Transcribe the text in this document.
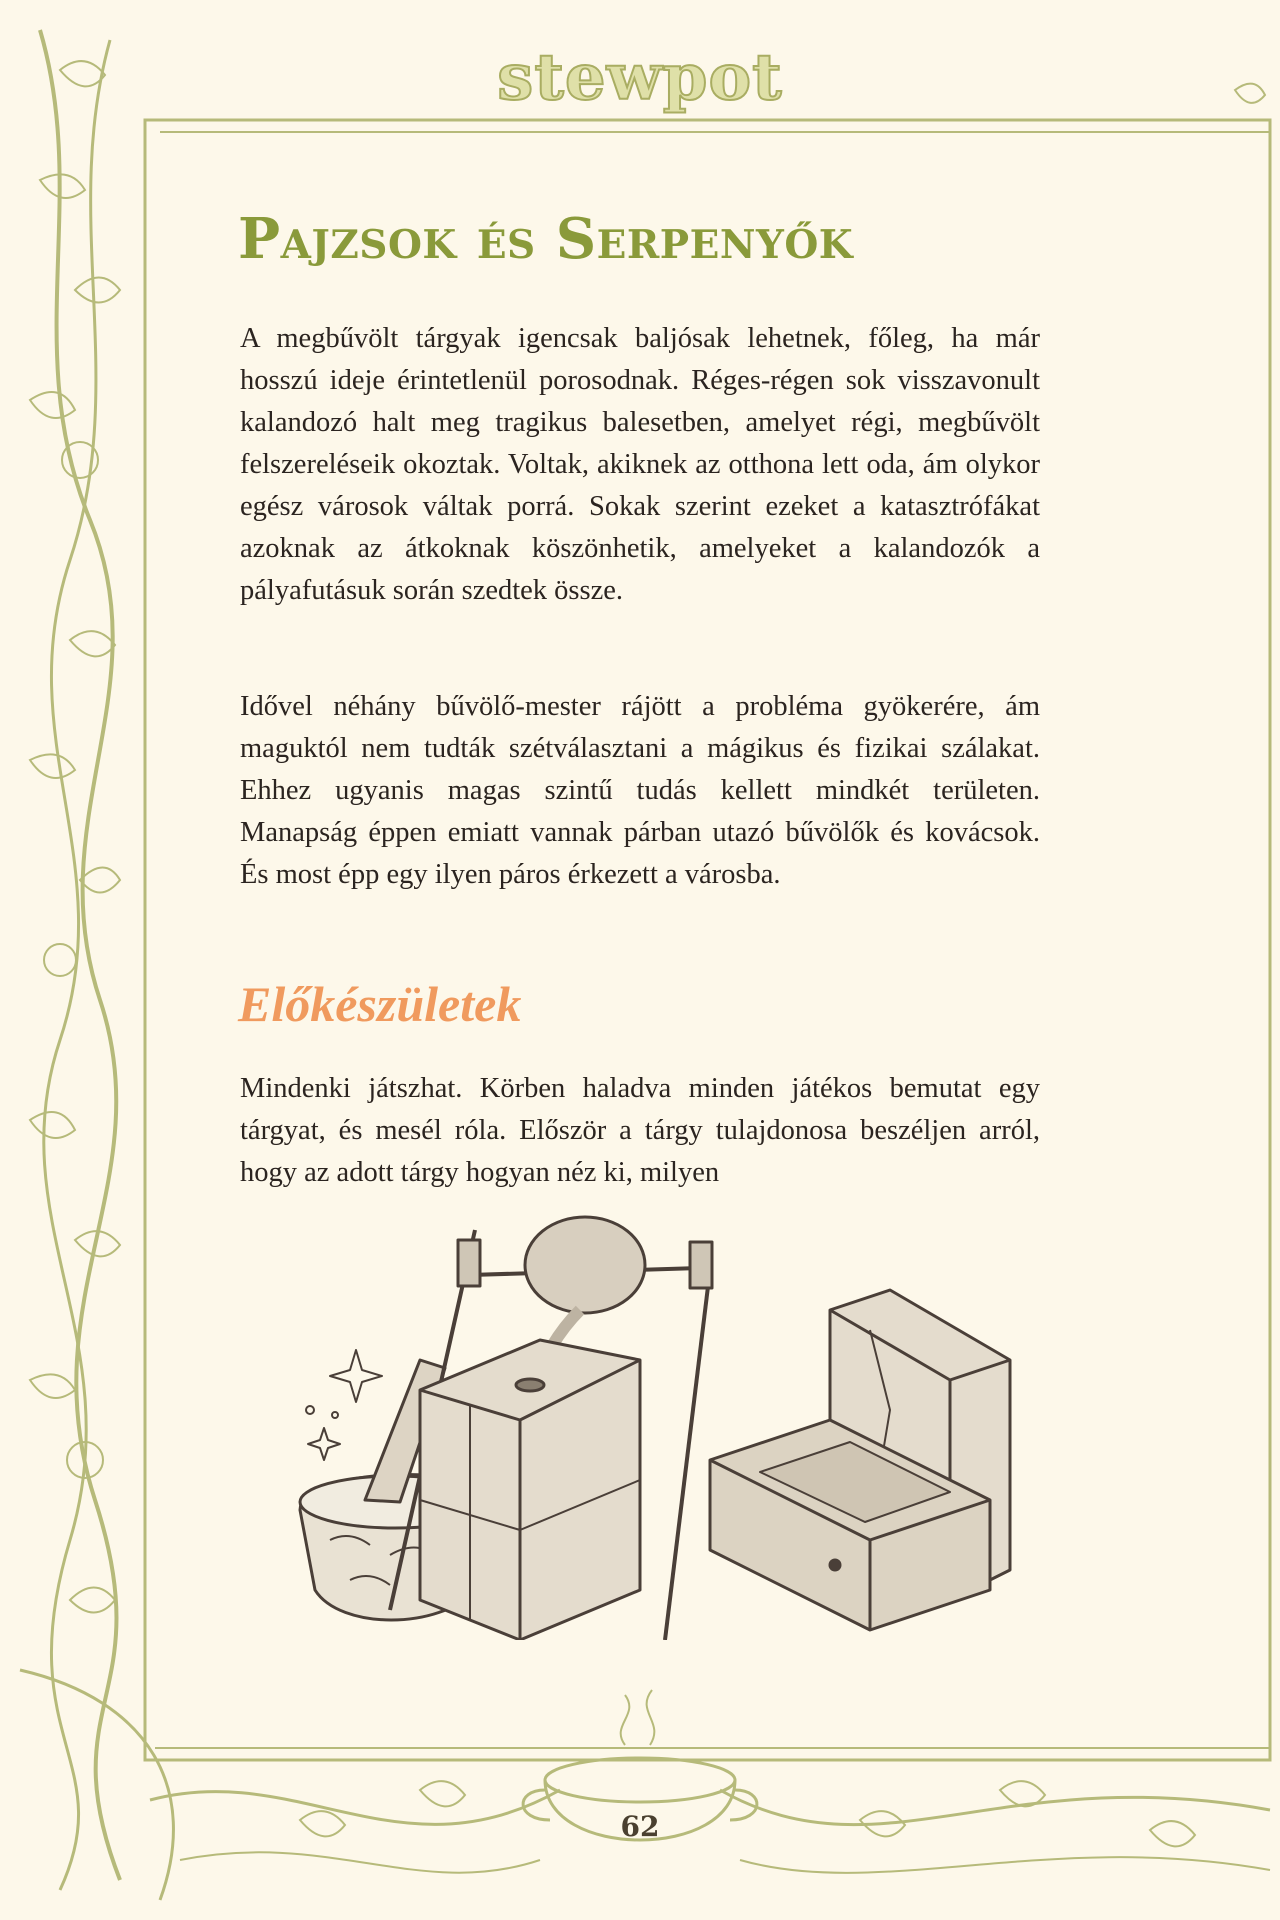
stewpot
Pajzsok és Serpenyők

A megbűvölt tárgyak igencsak baljósak lehetnek, főleg, ha már hosszú ideje érintetlenül porosodnak. Réges-régen sok visszavonult kalandozó halt meg tragikus balesetben, amelyet régi, megbűvölt felszereléseik okoztak. Voltak, akiknek az otthona lett oda, ám olykor egész városok váltak porrá. Sokak szerint ezeket a katasztrófákat azoknak az átkoknak köszönhetik, amelyeket a kalandozók a pályafutásuk során szedtek össze.

Idővel néhány bűvölő-mester rájött a probléma gyökerére, ám maguktól nem tudták szétválasztani a mágikus és fizikai szálakat. Ehhez ugyanis magas szintű tudás kellett mindkét területen. Manapság éppen emiatt vannak párban utazó bűvölők és kovácsok. És most épp egy ilyen páros érkezett a városba.

Előkészületek

Mindenki játszhat. Körben haladva minden játékos bemutat egy tárgyat, és mesél róla. Először a tárgy tulajdonosa beszéljen arról, hogy az adott tárgy hogyan néz ki, milyen

62
